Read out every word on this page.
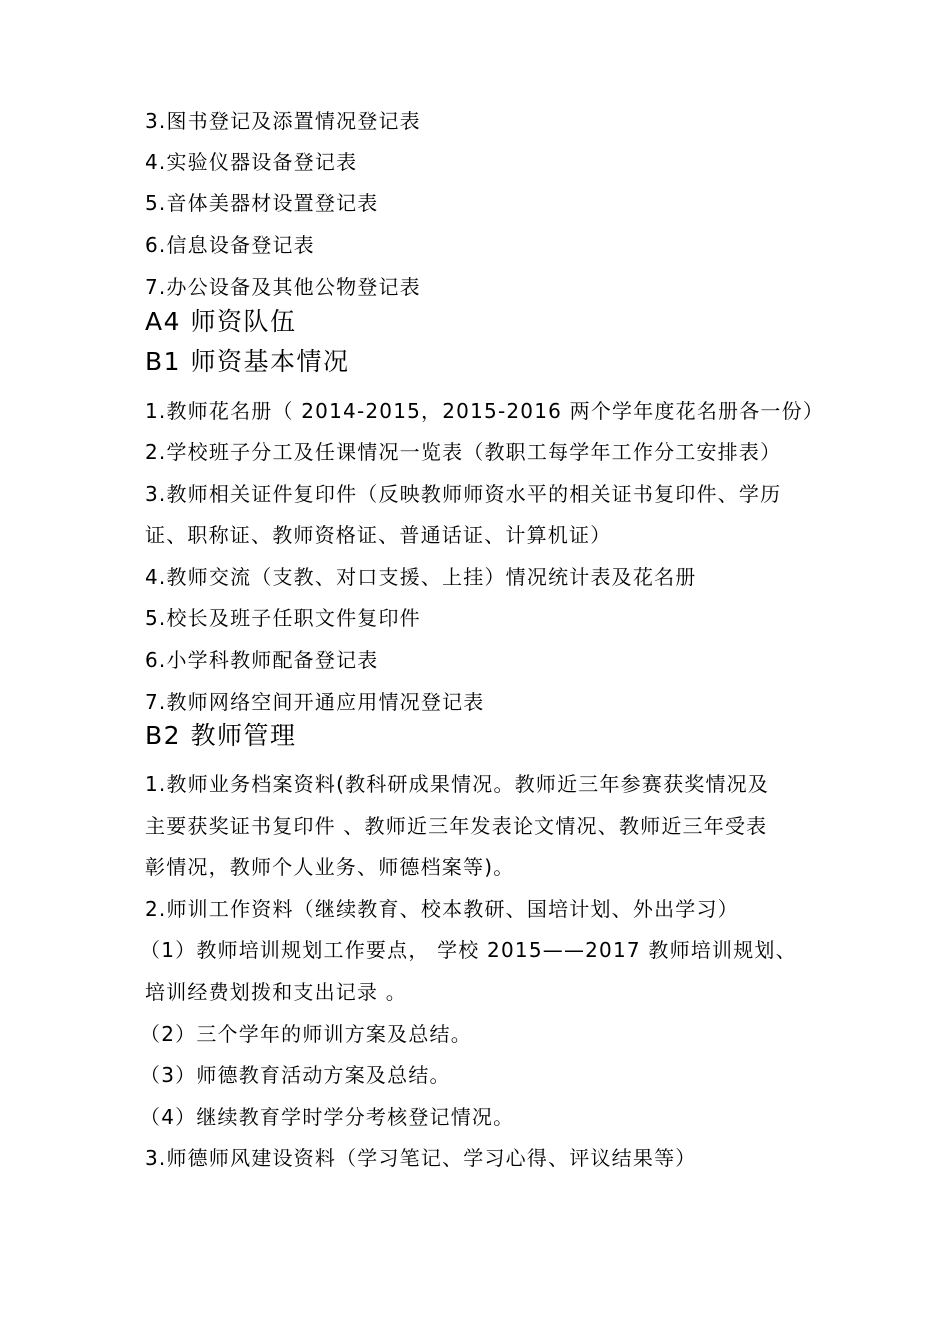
3.图书登记及添置情况登记表
4.实验仪器设备登记表
5.音体美器材设置登记表
6.信息设备登记表
7.办公设备及其他公物登记表
A4 师资队伍
B1 师资基本情况
1.教师花名册（ 2014-2015，2015-2016 两个学年度花名册各一份）
2.学校班子分工及任课情况一览表（教职工每学年工作分工安排表）
3.教师相关证件复印件（反映教师师资水平的相关证书复印件、学历
证、职称证、教师资格证、普通话证、计算机证）
4.教师交流（支教、对口支援、上挂）情况统计表及花名册
5.校长及班子任职文件复印件
6.小学科教师配备登记表
7.教师网络空间开通应用情况登记表
B2 教师管理
1.教师业务档案资料(教科研成果情况。教师近三年参赛获奖情况及
主要获奖证书复印件 、教师近三年发表论文情况、教师近三年受表
彰情况，教师个人业务、师德档案等)。
2.师训工作资料（继续教育、校本教研、国培计划、外出学习）
（1）教师培训规划工作要点， 学校 2015——2017 教师培训规划、
培训经费划拨和支出记录 。
（2）三个学年的师训方案及总结。
（3）师德教育活动方案及总结。
（4）继续教育学时学分考核登记情况。
3.师德师风建设资料（学习笔记、学习心得、评议结果等）
